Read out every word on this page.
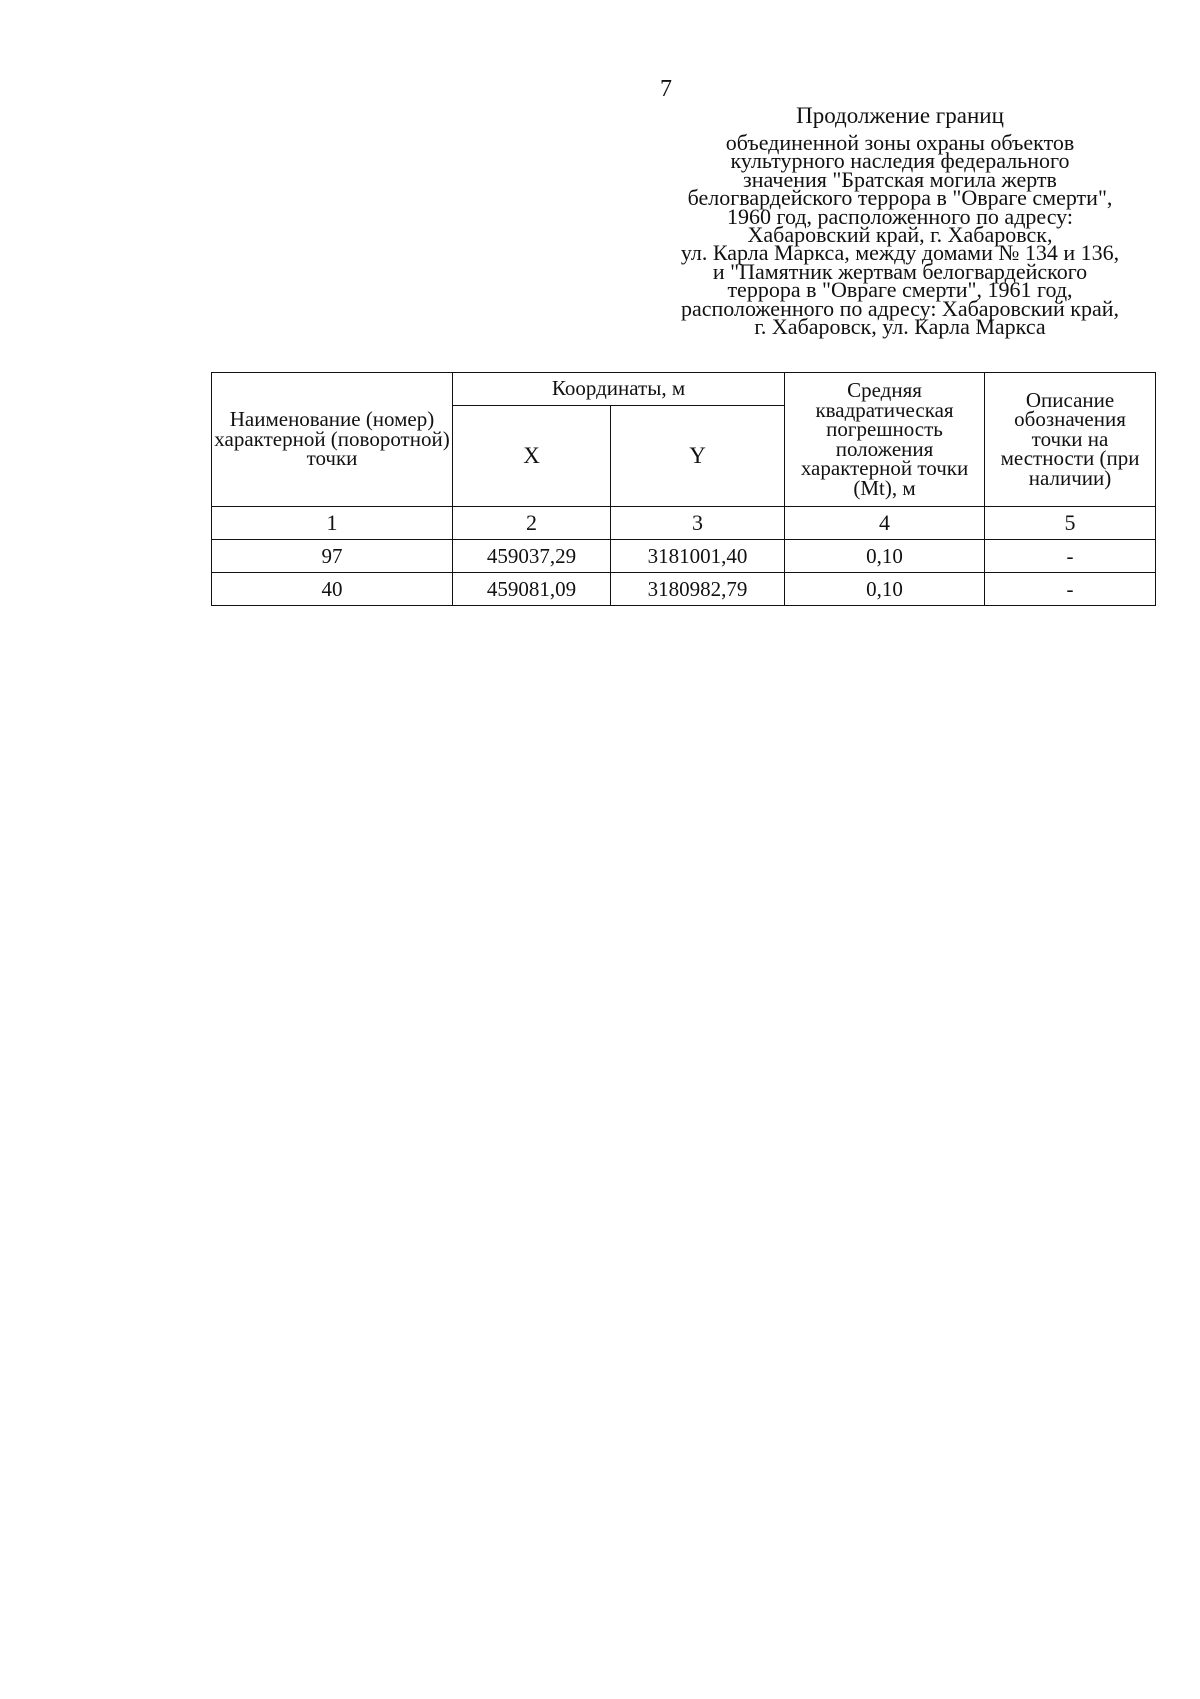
7
Продолжение границ
объединенной зоны охраны объектов
культурного наследия федерального
значения "Братская могила жертв
белогвардейского террора в "Овраге смерти",
1960 год, расположенного по адресу:
Хабаровский край, г. Хабаровск,
ул. Карла Маркса, между домами № 134 и 136,
и "Памятник жертвам белогвардейского
террора в "Овраге смерти", 1961 год,
расположенного по адресу: Хабаровский край,
г. Хабаровск, ул. Карла Маркса
Наименование (номер) характерной (поворотной) точки	Координаты, м		Средняя квадратическая погрешность положения характерной точки (Mt), м	Описание обозначения точки на местности (при наличии)

	X	Y		
1	2	3	4	5
97	459037,29	3181001,40	0,10	-
40	459081,09	3180982,79	0,10	-
